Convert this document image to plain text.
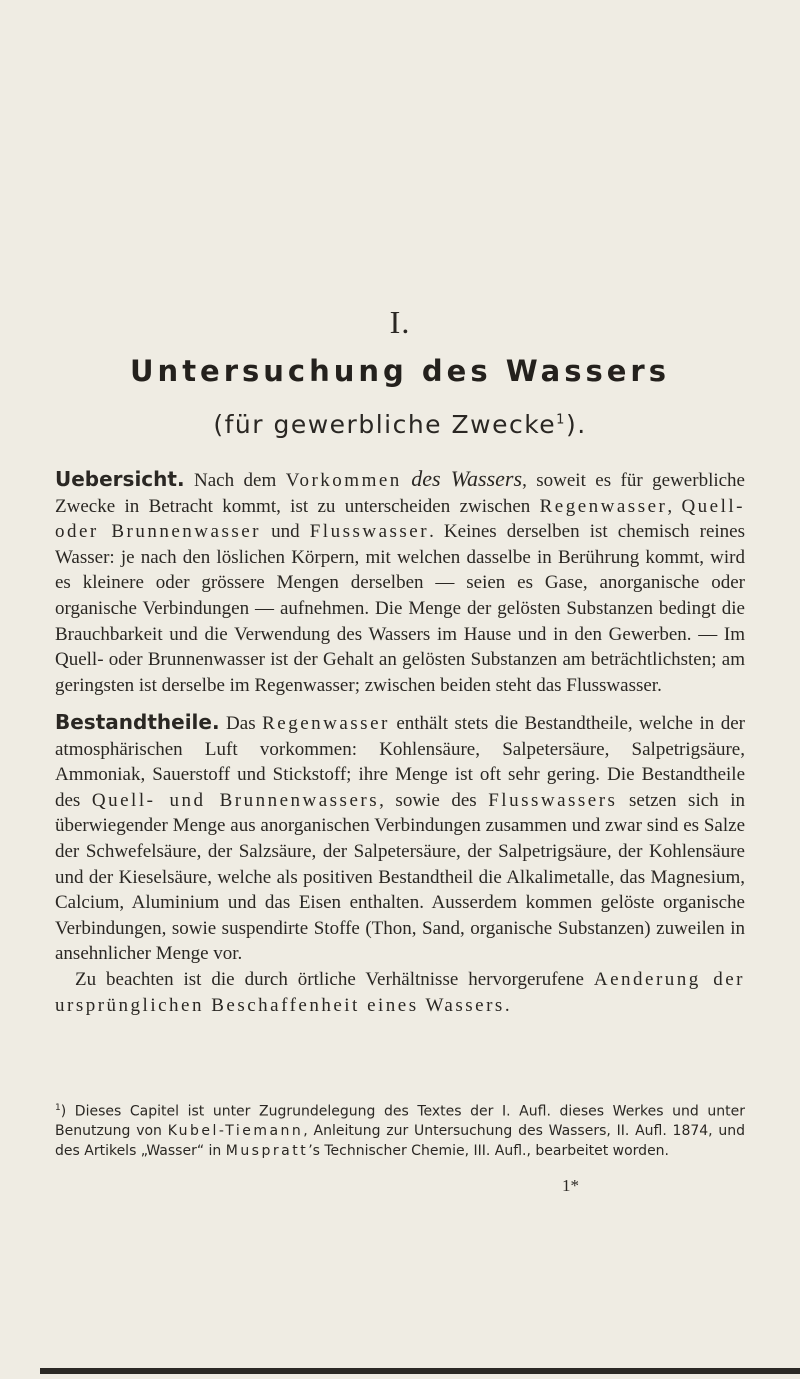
I.
Untersuchung des Wassers
(für gewerbliche Zwecke$^1$).

Uebersicht. Nach dem Vorkommen des Wassers, soweit es für gewerbliche Zwecke in Betracht kommt, ist zu unterscheiden zwischen Regenwasser, Quell- oder Brunnenwasser und Flusswasser. Keines derselben ist chemisch reines Wasser: je nach den löslichen Körpern, mit welchen dasselbe in Berührung kommt, wird es kleinere oder grössere Mengen derselben — seien es Gase, anorganische oder organische Verbindungen — aufnehmen. Die Menge der gelösten Substanzen bedingt die Brauchbarkeit und die Verwendung des Wassers im Hause und in den Gewerben. — Im Quell- oder Brunnenwasser ist der Gehalt an gelösten Substanzen am beträchtlichsten; am geringsten ist derselbe im Regenwasser; zwischen beiden steht das Flusswasser.

Bestandtheile. Das Regenwasser enthält stets die Bestandtheile, welche in der atmosphärischen Luft vorkommen: Kohlensäure, Salpetersäure, Salpetrigsäure, Ammoniak, Sauerstoff und Stickstoff; ihre Menge ist oft sehr gering. Die Bestandtheile des Quell- und Brunnenwassers, sowie des Flusswassers setzen sich in überwiegender Menge aus anorganischen Verbindungen zusammen und zwar sind es Salze der Schwefelsäure, der Salzsäure, der Salpetersäure, der Salpetrigsäure, der Kohlensäure und der Kieselsäure, welche als positiven Bestandtheil die Alkalimetalle, das Magnesium, Calcium, Aluminium und das Eisen enthalten. Ausserdem kommen gelöste organische Verbindungen, sowie suspendirte Stoffe (Thon, Sand, organische Substanzen) zuweilen in ansehnlicher Menge vor.

Zu beachten ist die durch örtliche Verhältnisse hervorgerufene Aenderung der ursprünglichen Beschaffenheit eines Wassers.

$^1$) Dieses Capitel ist unter Zugrundelegung des Textes der I. Aufl. dieses Werkes und unter Benutzung von Kubel-Tiemann, Anleitung zur Untersuchung des Wassers, II. Aufl. 1874, und des Artikels „Wasser“ in Muspratt’s Technischer Chemie, III. Aufl., bearbeitet worden.
1*
